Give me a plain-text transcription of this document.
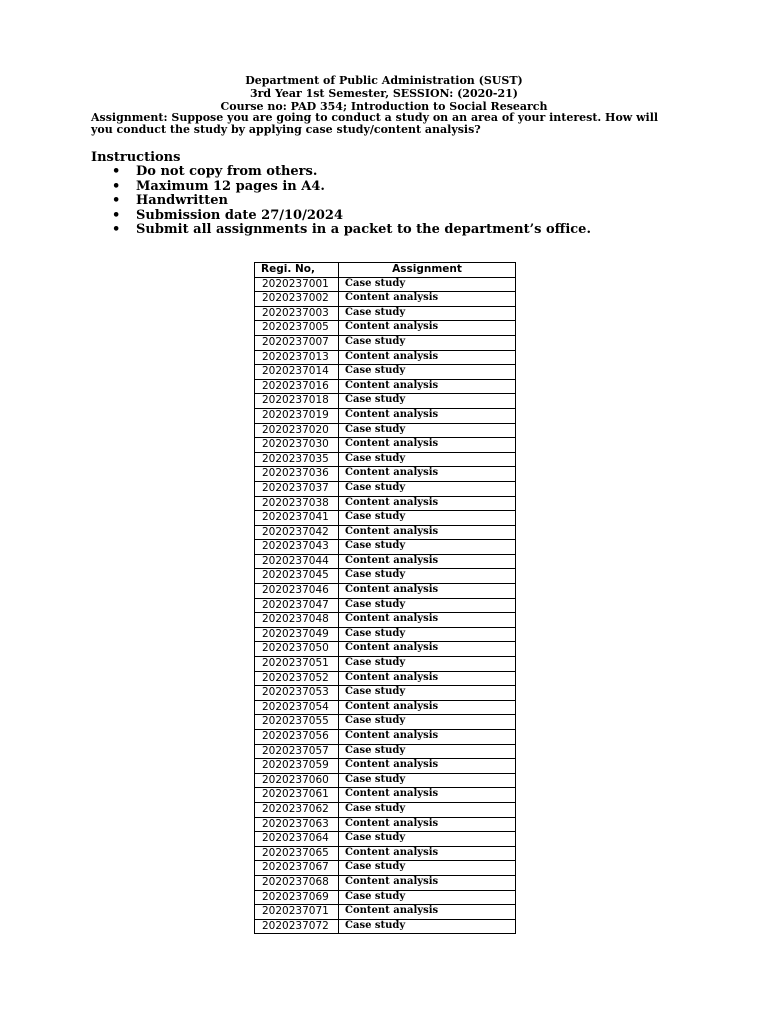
Department of Public Administration (SUST)
3rd Year 1st Semester, SESSION: (2020-21)
Course no: PAD 354; Introduction to Social Research
Assignment: Suppose you are going to conduct a study on an area of your interest. How will you conduct the study by applying case study/content analysis?
Instructions
• Do not copy from others.
• Maximum 12 pages in A4.
• Handwritten
• Submission date 27/10/2024
• Submit all assignments in a packet to the department’s office.
Regi. No,	Assignment
2020237001	Case study
2020237002	Content analysis
2020237003	Case study
2020237005	Content analysis
2020237007	Case study
2020237013	Content analysis
2020237014	Case study
2020237016	Content analysis
2020237018	Case study
2020237019	Content analysis
2020237020	Case study
2020237030	Content analysis
2020237035	Case study
2020237036	Content analysis
2020237037	Case study
2020237038	Content analysis
2020237041	Case study
2020237042	Content analysis
2020237043	Case study
2020237044	Content analysis
2020237045	Case study
2020237046	Content analysis
2020237047	Case study
2020237048	Content analysis
2020237049	Case study
2020237050	Content analysis
2020237051	Case study
2020237052	Content analysis
2020237053	Case study
2020237054	Content analysis
2020237055	Case study
2020237056	Content analysis
2020237057	Case study
2020237059	Content analysis
2020237060	Case study
2020237061	Content analysis
2020237062	Case study
2020237063	Content analysis
2020237064	Case study
2020237065	Content analysis
2020237067	Case study
2020237068	Content analysis
2020237069	Case study
2020237071	Content analysis
2020237072	Case study
